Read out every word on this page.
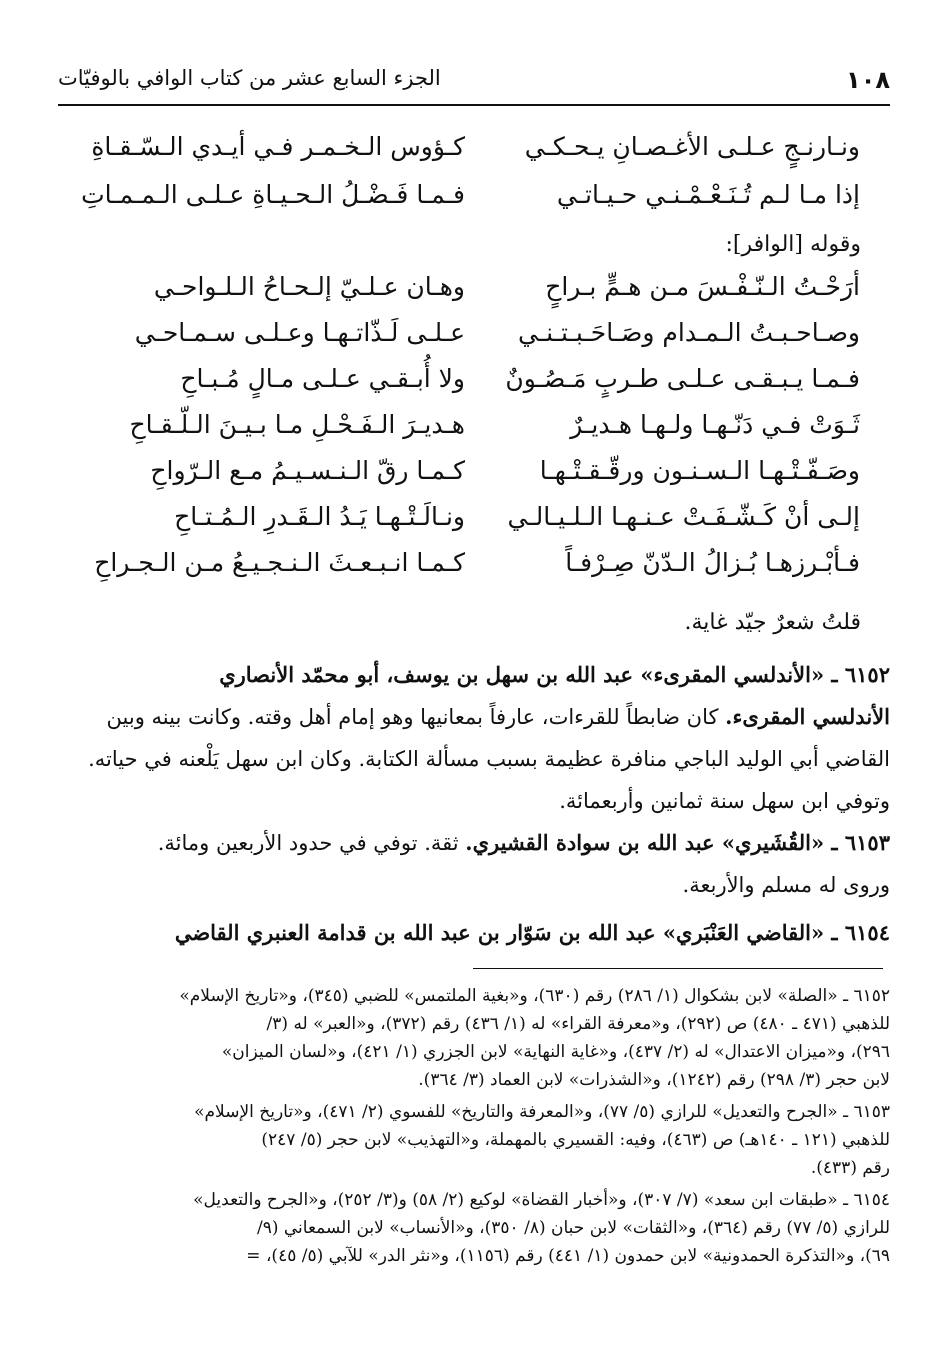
١٠٨
الجزء السابع عشر من كتاب الوافي بالوفيّات
ونـارنـجٍ عـلـى الأغـصـانِ يـحـكـي
كـؤوس الـخـمـر فـي أيـدي الـسّـقـاةِ
إذا مـا لـم تُـنَـعْـمْـنـي حـيـاتـي
فـمـا فَـضْـلُ الـحـيـاةِ عـلـى الـمـمـاتِ
وقوله [الوافر]:
أرَحْـتُ الـنّـفْـسَ مـن هـمٍّ بـراحٍ
وهـان عـلـيّ إلـحـاحُ الـلـواحـي
وصـاحـبـتُ الـمـدام وصَـاحَـبـتـنـي
عـلـى لَـذّاتـهـا وعـلـى سـمـاحـي
فـمـا يـبـقـى عـلـى طـربٍ مَـصُـونٌ
ولا أُبـقـي عـلـى مـالٍ مُـبـاحِ
ثَـوَتْ فـي دَنّـهـا ولـهـا هـديـرٌ
هـديـرَ الـفَـحْـلِ مـا بـيـنَ الـلّـقـاحِ
وصَـفّـتْـهـا الـسـنـون ورقّـقـتْـهـا
كـمـا رقّ الـنـسـيـمُ مـع الـرّواحِ
إلـى أنْ كَـشّـفَـتْ عـنـهـا الـلـيـالـي
ونـالَـتْـهـا يَـدُ الـقَـدرِ الـمُـتـاحِ
فـأبْـرزهـا بُـزالُ الـدّنّ صِـرْفـاً
كـمـا انـبـعـثَ الـنـجـيـعُ مـن الـجـراحِ
قلتُ شعرٌ جيّد غاية.
٦١٥٢ ـ «الأندلسي المقرىء» عبد الله بن سهل بن يوسف، أبو محمّد الأنصاري
الأندلسي المقرىء. كان ضابطاً للقرءات، عارفاً بمعانيها وهو إمام أهل وقته. وكانت بينه وبين
القاضي أبي الوليد الباجي منافرة عظيمة بسبب مسألة الكتابة. وكان ابن سهل يَلْعنه في حياته.
وتوفي ابن سهل سنة ثمانين وأربعمائة.
٦١٥٣ ـ «القُشَيري» عبد الله بن سوادة القشيري. ثقة. توفي في حدود الأربعين ومائة.
وروى له مسلم والأربعة.
٦١٥٤ ـ «القاضي العَنْبَري» عبد الله بن سَوّار بن عبد الله بن قدامة العنبري القاضي
٦١٥٢ ـ «الصلة» لابن بشكوال (١/ ٢٨٦) رقم (٦٣٠)، و«بغية الملتمس» للضبي (٣٤٥)، و«تاريخ الإسلام»
للذهبي (٤٧١ ـ ٤٨٠) ص (٢٩٢)، و«معرفة القراء» له (١/ ٤٣٦) رقم (٣٧٢)، و«العبر» له (٣/
٢٩٦)، و«ميزان الاعتدال» له (٢/ ٤٣٧)، و«غاية النهاية» لابن الجزري (١/ ٤٢١)، و«لسان الميزان»
لابن حجر (٣/ ٢٩٨) رقم (١٢٤٢)، و«الشذرات» لابن العماد (٣/ ٣٦٤).
٦١٥٣ ـ «الجرح والتعديل» للرازي (٥/ ٧٧)، و«المعرفة والتاريخ» للفسوي (٢/ ٤٧١)، و«تاريخ الإسلام»
للذهبي (١٢١ ـ ١٤٠هـ) ص (٤٦٣)، وفيه: القسيري بالمهملة، و«التهذيب» لابن حجر (٥/ ٢٤٧)
رقم (٤٣٣).
٦١٥٤ ـ «طبقات ابن سعد» (٧/ ٣٠٧)، و«أخبار القضاة» لوكيع (٢/ ٥٨) و(٣/ ٢٥٢)، و«الجرح والتعديل»
للرازي (٥/ ٧٧) رقم (٣٦٤)، و«الثقات» لابن حبان (٨/ ٣٥٠)، و«الأنساب» لابن السمعاني (٩/
٦٩)، و«التذكرة الحمدونية» لابن حمدون (١/ ٤٤١) رقم (١١٥٦)، و«نثر الدر» للآبي (٥/ ٤٥)، =
